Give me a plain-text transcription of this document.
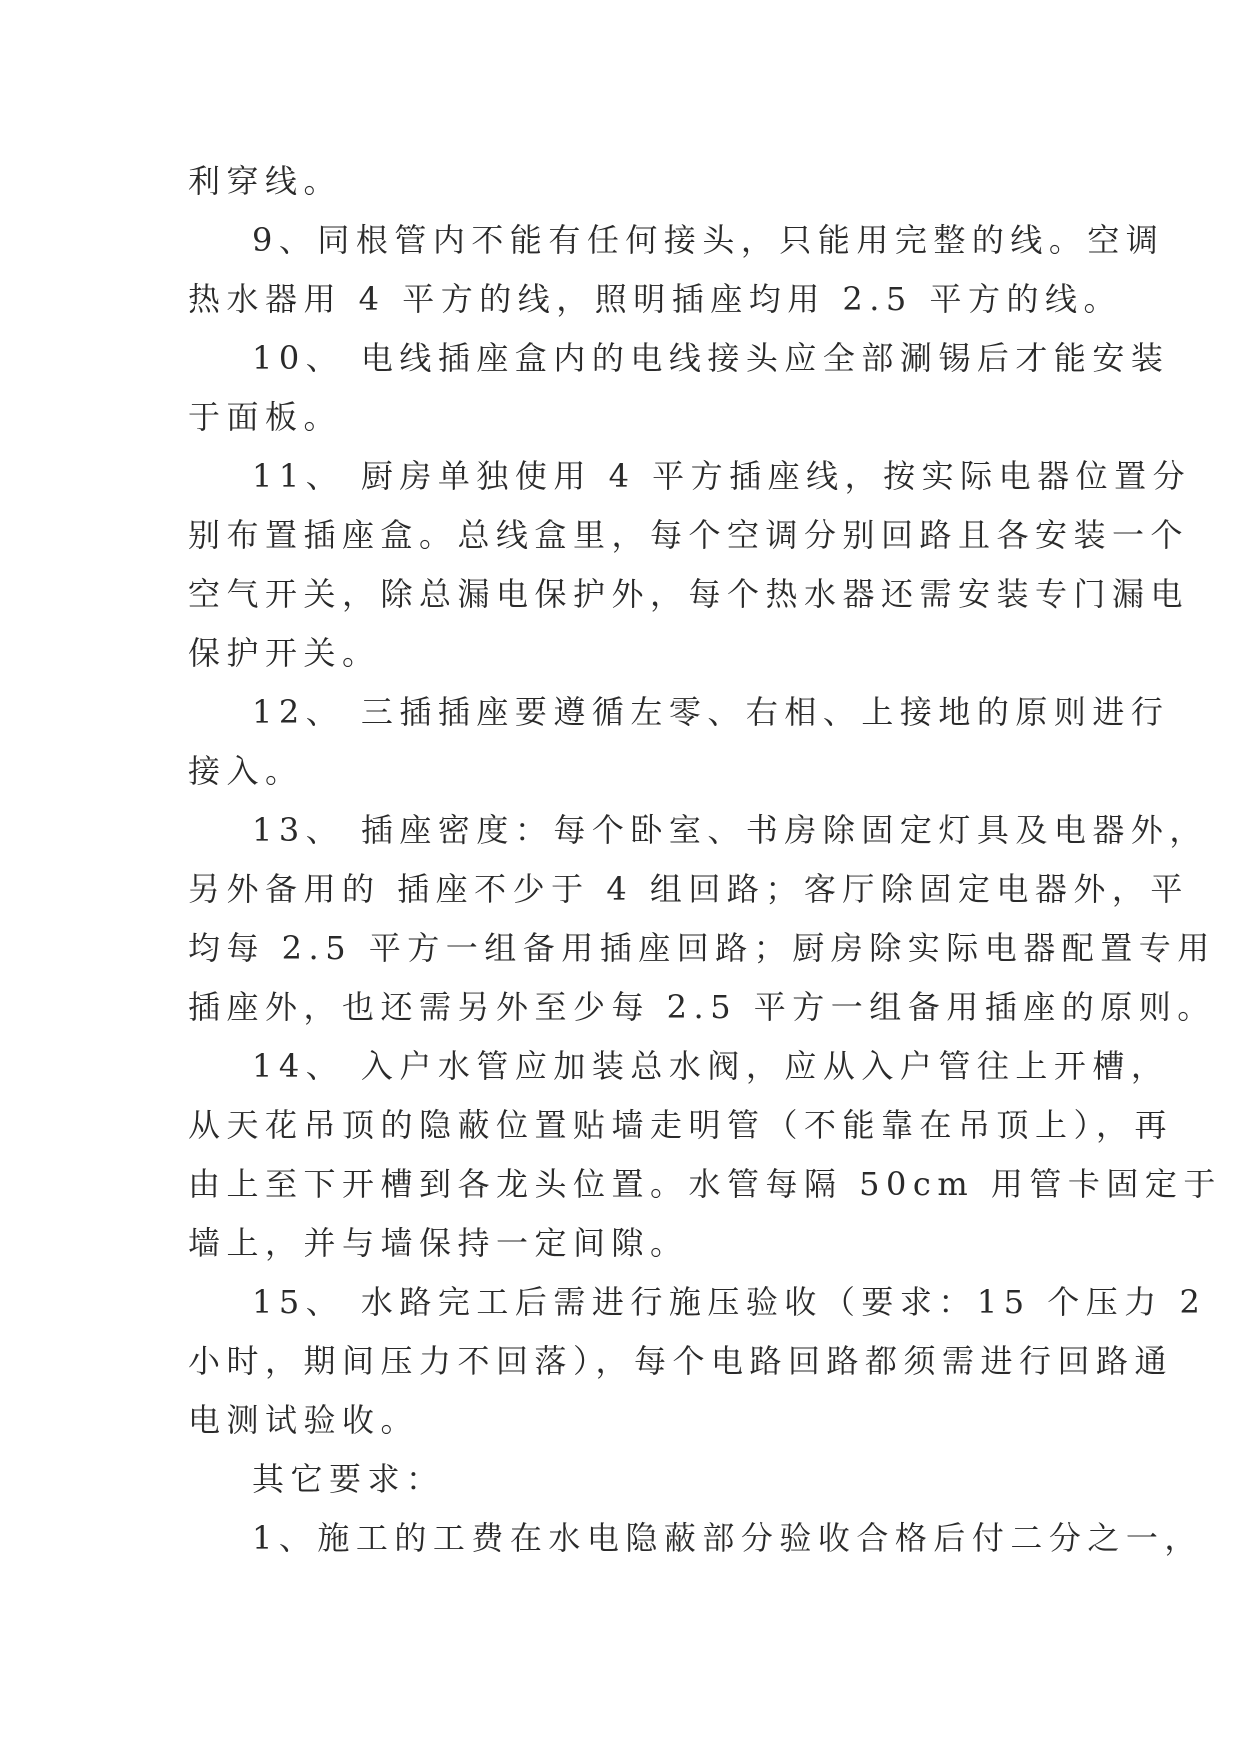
利穿线。
9、同根管内不能有任何接头，只能用完整的线。空调
热水器用 4 平方的线，照明插座均用 2.5 平方的线。
10、 电线插座盒内的电线接头应全部涮锡后才能安装
于面板。
11、 厨房单独使用 4 平方插座线，按实际电器位置分
别布置插座盒。总线盒里，每个空调分别回路且各安装一个
空气开关，除总漏电保护外，每个热水器还需安装专门漏电
保护开关。
12、 三插插座要遵循左零、右相、上接地的原则进行
接入。
13、 插座密度：每个卧室、书房除固定灯具及电器外，
另外备用的 插座不少于 4 组回路；客厅除固定电器外，平
均每 2.5 平方一组备用插座回路；厨房除实际电器配置专用
插座外，也还需另外至少每 2.5 平方一组备用插座的原则。
14、 入户水管应加装总水阀，应从入户管往上开槽，
从天花吊顶的隐蔽位置贴墙走明管（不能靠在吊顶上），再
由上至下开槽到各龙头位置。水管每隔 50cm 用管卡固定于
墙上，并与墙保持一定间隙。
15、 水路完工后需进行施压验收（要求：15 个压力 2
小时，期间压力不回落），每个电路回路都须需进行回路通
电测试验收。
其它要求：
1、施工的工费在水电隐蔽部分验收合格后付二分之一，
